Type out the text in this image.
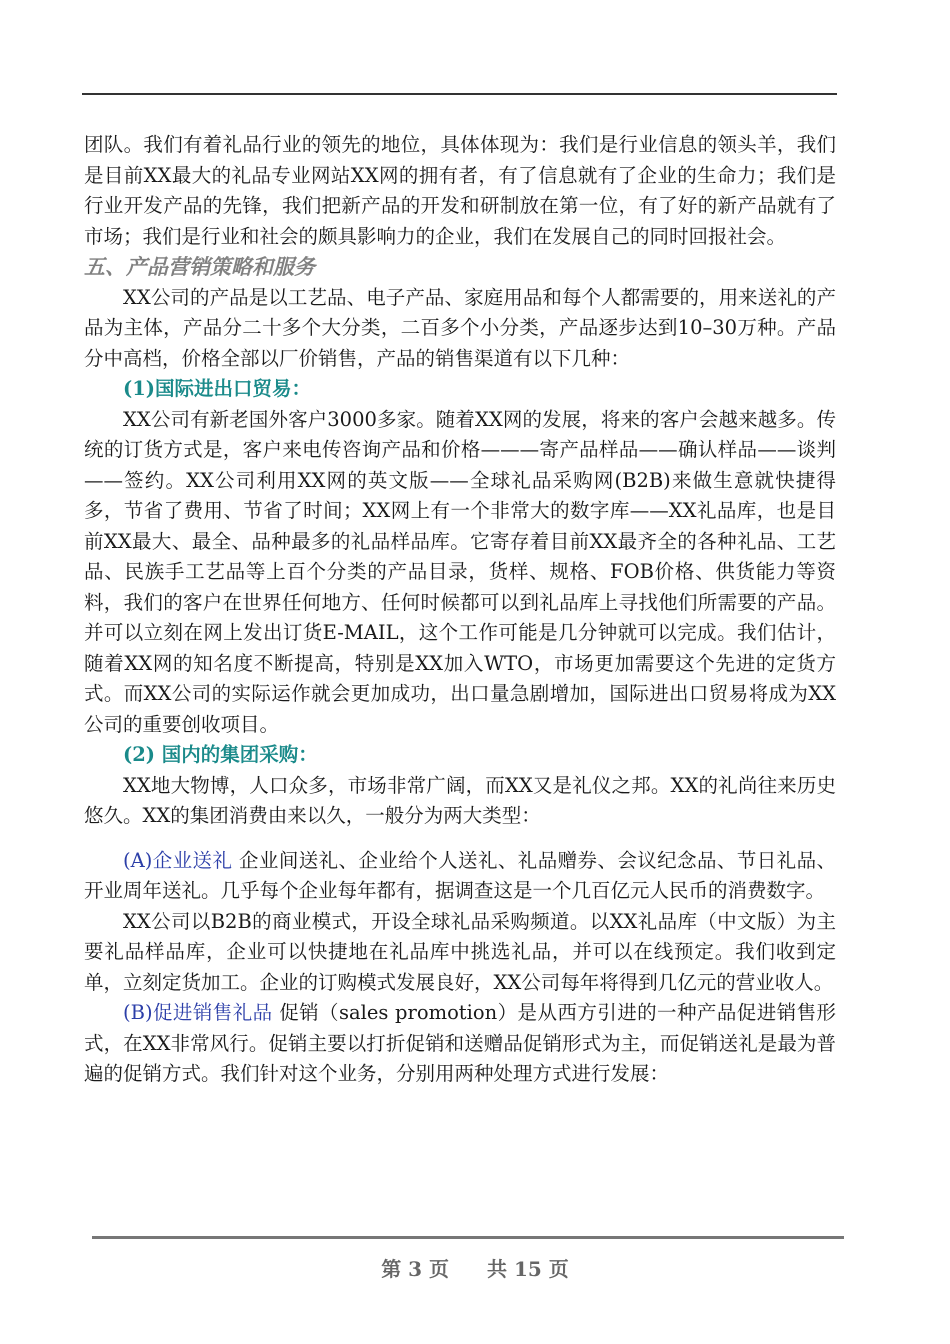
团队。我们有着礼品行业的领先的地位，具体体现为：我们是行业信息的领头羊，我们是目前XX最大的礼品专业网站XX网的拥有者，有了信息就有了企业的生命力；我们是行业开发产品的先锋，我们把新产品的开发和研制放在第一位，有了好的新产品就有了市场；我们是行业和社会的颇具影响力的企业，我们在发展自己的同时回报社会。

五、产品营销策略和服务

XX公司的产品是以工艺品、电子产品、家庭用品和每个人都需要的，用来送礼的产品为主体，产品分二十多个大分类，二百多个小分类，产品逐步达到10–30万种。产品分中高档，价格全部以厂价销售，产品的销售渠道有以下几种：

(1)国际进出口贸易：

XX公司有新老国外客户3000多家。随着XX网的发展，将来的客户会越来越多。传统的订货方式是，客户来电传咨询产品和价格———寄产品样品——确认样品——谈判——签约。XX公司利用XX网的英文版——全球礼品采购网(B2B)来做生意就快捷得多，节省了费用、节省了时间；XX网上有一个非常大的数字库——XX礼品库，也是目前XX最大、最全、品种最多的礼品样品库。它寄存着目前XX最齐全的各种礼品、工艺品、民族手工艺品等上百个分类的产品目录，货样、规格、FOB价格、供货能力等资料，我们的客户在世界任何地方、任何时候都可以到礼品库上寻找他们所需要的产品。并可以立刻在网上发出订货E-MAIL，这个工作可能是几分钟就可以完成。我们估计，随着XX网的知名度不断提高，特别是XX加入WTO，市场更加需要这个先进的定货方式。而XX公司的实际运作就会更加成功，出口量急剧增加，国际进出口贸易将成为XX公司的重要创收项目。

(2) 国内的集团采购：

XX地大物博，人口众多，市场非常广阔，而XX又是礼仪之邦。XX的礼尚往来历史悠久。XX的集团消费由来以久，一般分为两大类型：

(A)企业送礼 企业间送礼、企业给个人送礼、礼品赠券、会议纪念品、节日礼品、开业周年送礼。几乎每个企业每年都有，据调查这是一个几百亿元人民币的消费数字。

XX公司以B2B的商业模式，开设全球礼品采购频道。以XX礼品库（中文版）为主要礼品样品库，企业可以快捷地在礼品库中挑选礼品，并可以在线预定。我们收到定单，立刻定货加工。企业的订购模式发展良好，XX公司每年将得到几亿元的营业收人。

(B)促进销售礼品 促销（sales promotion）是从西方引进的一种产品促进销售形式，在XX非常风行。促销主要以打折促销和送赠品促销形式为主，而促销送礼是最为普遍的促销方式。我们针对这个业务，分别用两种处理方式进行发展：

第 3 页 共 15 页
